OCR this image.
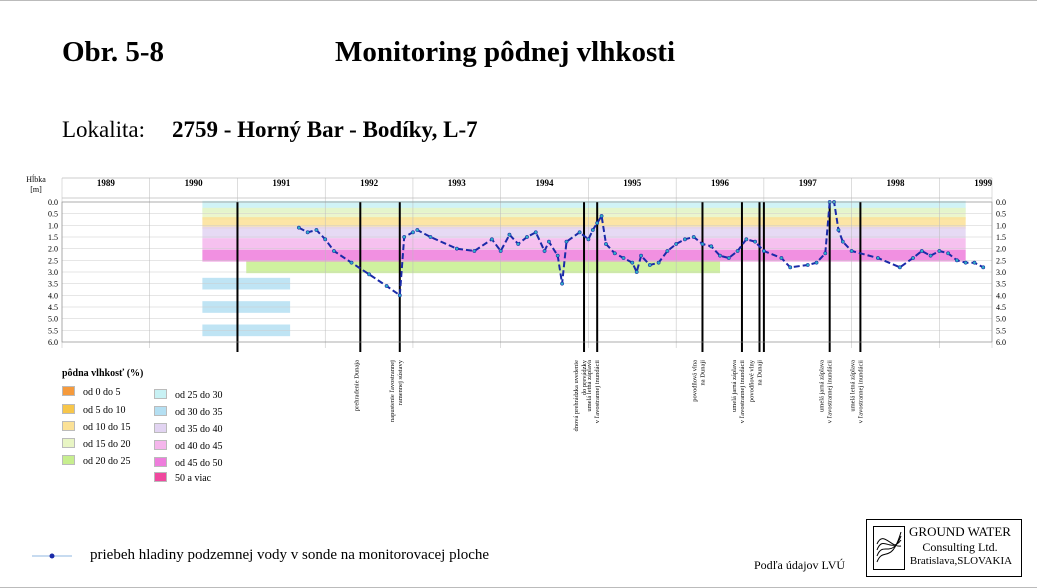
Obr. 5-8	Monitoring pôdnej vlhkosti
Lokalita: 2759 - Horný Bar - Bodíky, L-7
0.0	0.0
0.5	0.5
1.0	1.0
1.5	1.5
2.0	2.0
2.5	2.5
3.0	3.0
3.5	3.5
4.0	4.0
4.5	4.5
5.0	5.0
5.5	5.5
6.0	6.0
Hĺbka
[m]
1989	1990	1991	1992	1993	1994	1995	1996	1997	1998	1999
prehradenie Dunaja	napustenie ľavostrannej ramennej sústavy	dnová prehrádzka uvedenie do prevádzky
umelá letná záplava v ľavostrannej inundácii	povodňová vlna na Dunaji	umelá jarná záplava v ľavostrannej inundácii povodňové vlny na Dunaji	umelá jarná záplava v ľavostrannej inundácii umelá letná záplava v ľavostrannej inundácii
pôdna vlhkosť (%)
od 0 do 5
od 5 do 10
od 10 do 15
od 15 do 20
od 20 do 25
50 a viac
od 25 do 30
od 30 do 35
od 35 do 40
od 40 do 45
od 45 do 50
priebeh hladiny podzemnej vody v sonde na monitorovacej ploche
Podľa údajov LVÚ
GROUND WATER
Consulting Ltd.
Bratislava,SLOVAKIA
